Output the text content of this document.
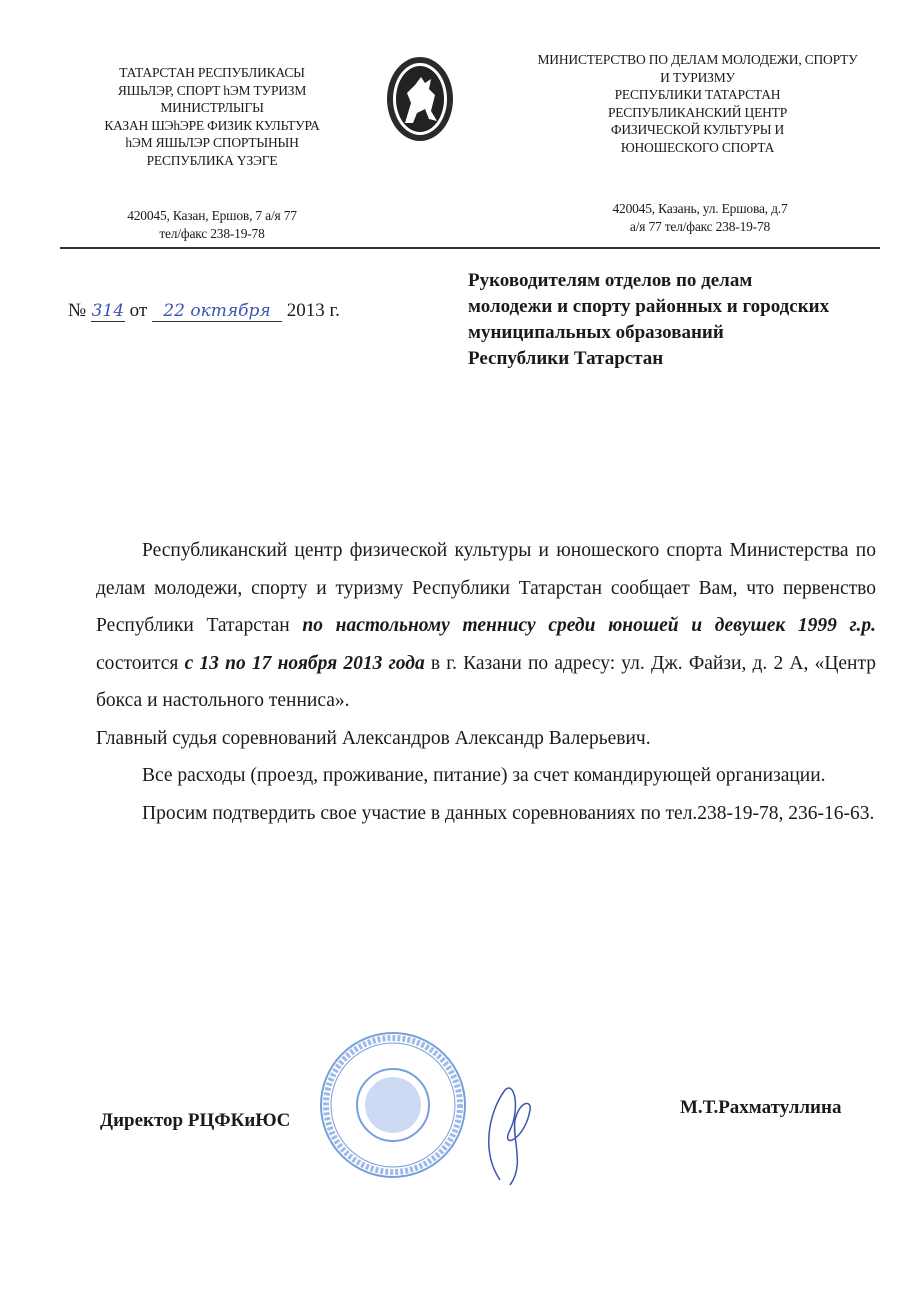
ТАТАРСТАН РЕСПУБЛИКАСЫ
ЯШЬЛЭР, СПОРТ hЭМ ТУРИЗМ
МИНИСТРЛЫГЫ
КАЗАН ШЭhЭРЕ ФИЗИК КУЛЬТУРА
hЭМ ЯШЬЛЭР СПОРТЫНЫН
РЕСПУБЛИКА YЗЭГЕ
420045, Казан, Ершов, 7 а/я 77
тел/факс 238-19-78
МИНИСТЕРСТВО ПО ДЕЛАМ МОЛОДЕЖИ, СПОРТУ
И ТУРИЗМУ
РЕСПУБЛИКИ ТАТАРСТАН
РЕСПУБЛИКАНСКИЙ ЦЕНТР
ФИЗИЧЕСКОЙ КУЛЬТУРЫ И
ЮНОШЕСКОГО СПОРТА
420045, Казань, ул. Ершова, д.7
а/я 77 тел/факс 238-19-78
№ 314 от 22 октября 2013 г.
Руководителям отделов по делам
молодежи и спорту районных и городских
муниципальных образований
Республики Татарстан

Республиканский центр физической культуры и юношеского спорта Министерства по делам молодежи, спорту и туризму Республики Татарстан сообщает Вам, что первенство Республики Татарстан по настольному теннису среди юношей и девушек 1999 г.р. состоится с 13 по 17 ноября 2013 года в г. Казани по адресу: ул. Дж. Файзи, д. 2 А, «Центр бокса и настольного тенниса».

Главный судья соревнований Александров Александр Валерьевич.

Все расходы (проезд, проживание, питание) за счет командирующей организации.

Просим подтвердить свое участие в данных соревнованиях по тел.238-19-78, 236-16-63.

Директор РЦФКиЮС
М.Т.Рахматуллина
